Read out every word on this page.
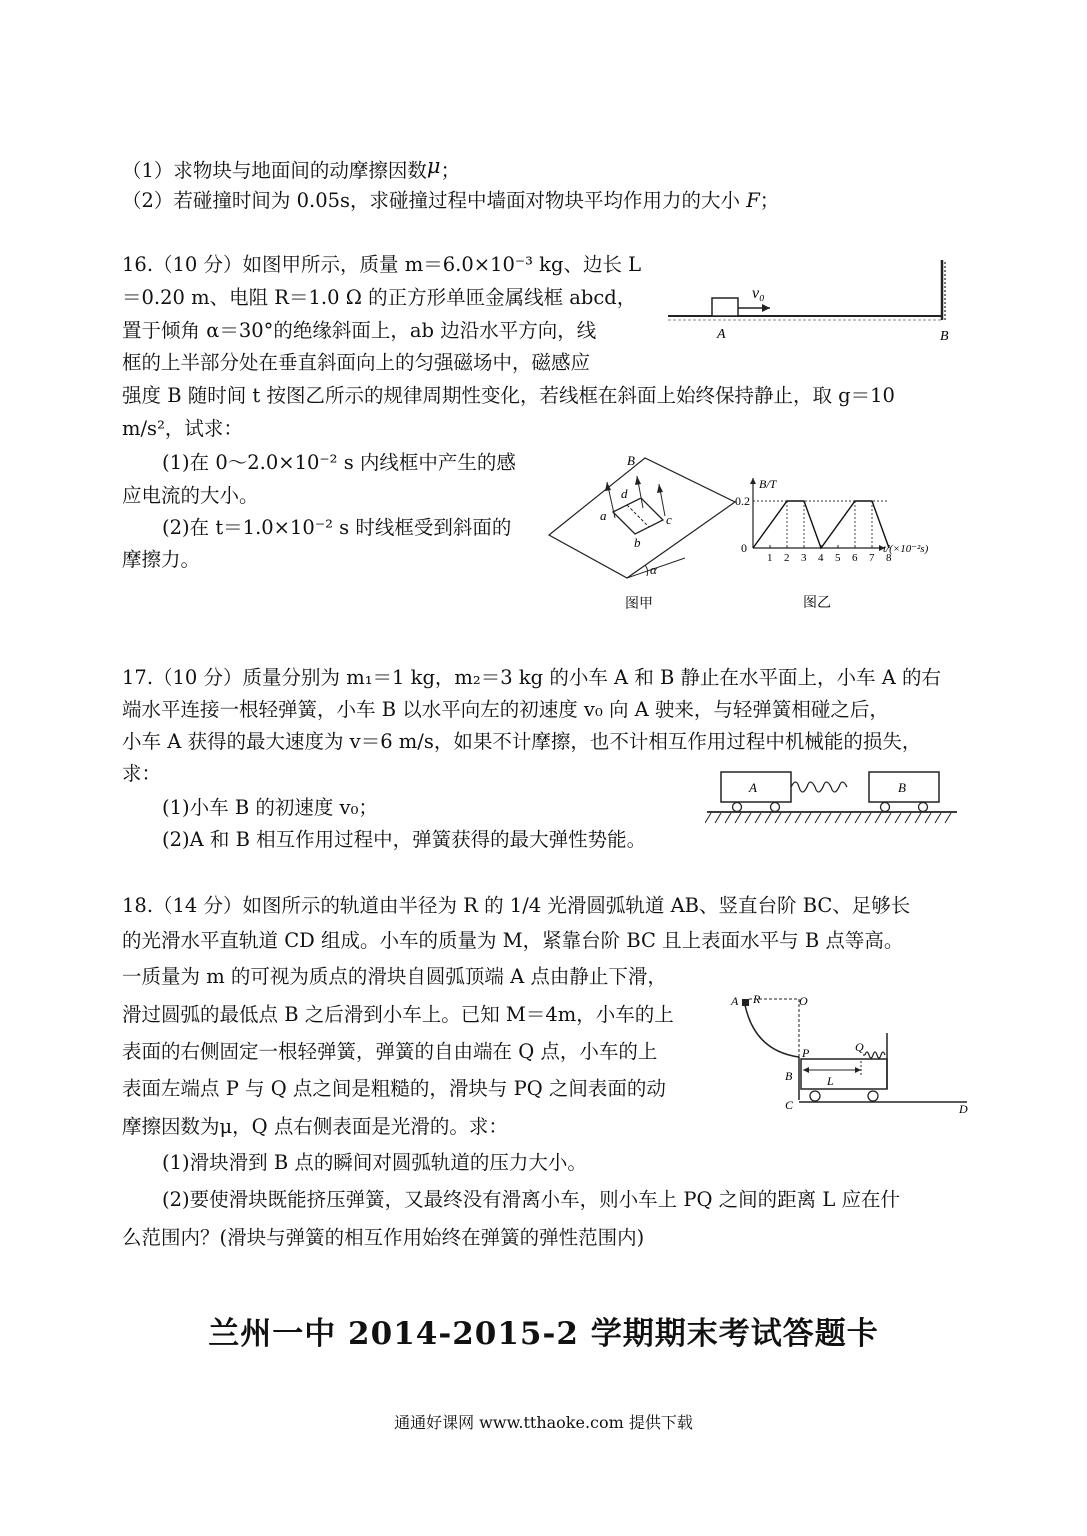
（1）求物块与地面间的动摩擦因数μ；
（2）若碰撞时间为 0.05s，求碰撞过程中墙面对物块平均作用力的大小 F；
v₀
A	B
16.（10 分）如图甲所示，质量 m＝6.0×10⁻³ kg、边长 L
＝0.20 m、电阻 R＝1.0 Ω 的正方形单匝金属线框 abcd，
置于倾角 α＝30°的绝缘斜面上，ab 边沿水平方向，线
框的上半部分处在垂直斜面向上的匀强磁场中，磁感应
强度 B 随时间 t 按图乙所示的规律周期性变化，若线框在斜面上始终保持静止，取 g＝10
m/s²，试求：
(1)在 0～2.0×10⁻² s 内线框中产生的感
应电流的大小。
(2)在 t＝1.0×10⁻² s 时线框受到斜面的
摩擦力。	α
B
a
b
c
d
图甲
1 2 3 4 5 6 7 8
B/T
0.2
0	t/(×10⁻²s)
图乙
17.（10 分）质量分别为 m₁＝1 kg，m₂＝3 kg 的小车 A 和 B 静止在水平面上，小车 A 的右
端水平连接一根轻弹簧，小车 B 以水平向左的初速度 v₀ 向 A 驶来，与轻弹簧相碰之后，
小车 A 获得的最大速度为 v＝6 m/s，如果不计摩擦，也不计相互作用过程中机械能的损失，
求：
(1)小车 B 的初速度 v₀；
(2)A 和 B 相互作用过程中，弹簧获得的最大弹性势能。
A	B
18.（14 分）如图所示的轨道由半径为 R 的 1/4 光滑圆弧轨道 AB、竖直台阶 BC、足够长
的光滑水平直轨道 CD 组成。小车的质量为 M，紧靠台阶 BC 且上表面水平与 B 点等高。
一质量为 m 的可视为质点的滑块自圆弧顶端 A 点由静止下滑，
滑过圆弧的最低点 B 之后滑到小车上。已知 M＝4m，小车的上
表面的右侧固定一根轻弹簧，弹簧的自由端在 Q 点，小车的上
表面左端点 P 与 Q 点之间是粗糙的，滑块与 PQ 之间表面的动
摩擦因数为μ，Q 点右侧表面是光滑的。求：
(1)滑块滑到 B 点的瞬间对圆弧轨道的压力大小。
(2)要使滑块既能挤压弹簧，又最终没有滑离小车，则小车上 PQ 之间的距离 L 应在什
么范围内？(滑块与弹簧的相互作用始终在弹簧的弹性范围内)
A R	O
B
C	D
P	Q
L
兰州一中 2014-2015-2 学期期末考试答题卡
通通好课网 www.tthaoke.com 提供下载
